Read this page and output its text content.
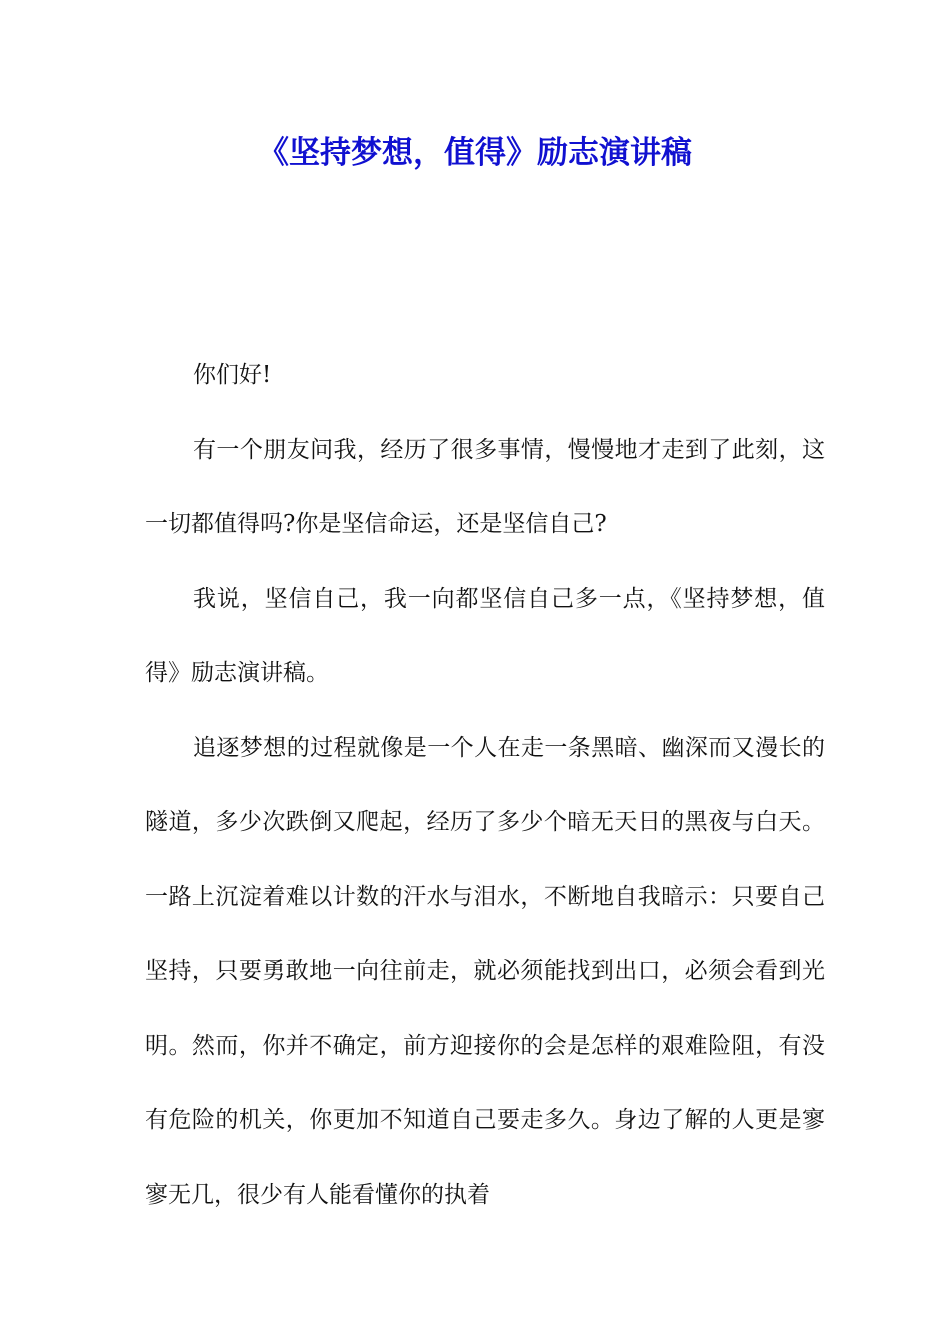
《坚持梦想，值得》励志演讲稿

你们好!

有一个朋友问我，经历了很多事情，慢慢地才走到了此刻，这一切都值得吗?你是坚信命运，还是坚信自己?

我说，坚信自己，我一向都坚信自己多一点，《坚持梦想，值得》励志演讲稿。

追逐梦想的过程就像是一个人在走一条黑暗、幽深而又漫长的隧道，多少次跌倒又爬起，经历了多少个暗无天日的黑夜与白天。一路上沉淀着难以计数的汗水与泪水，不断地自我暗示：只要自己坚持，只要勇敢地一向往前走，就必须能找到出口，必须会看到光明。然而，你并不确定，前方迎接你的会是怎样的艰难险阻，有没有危险的机关，你更加不知道自己要走多久。身边了解的人更是寥寥无几，很少有人能看懂你的执着
